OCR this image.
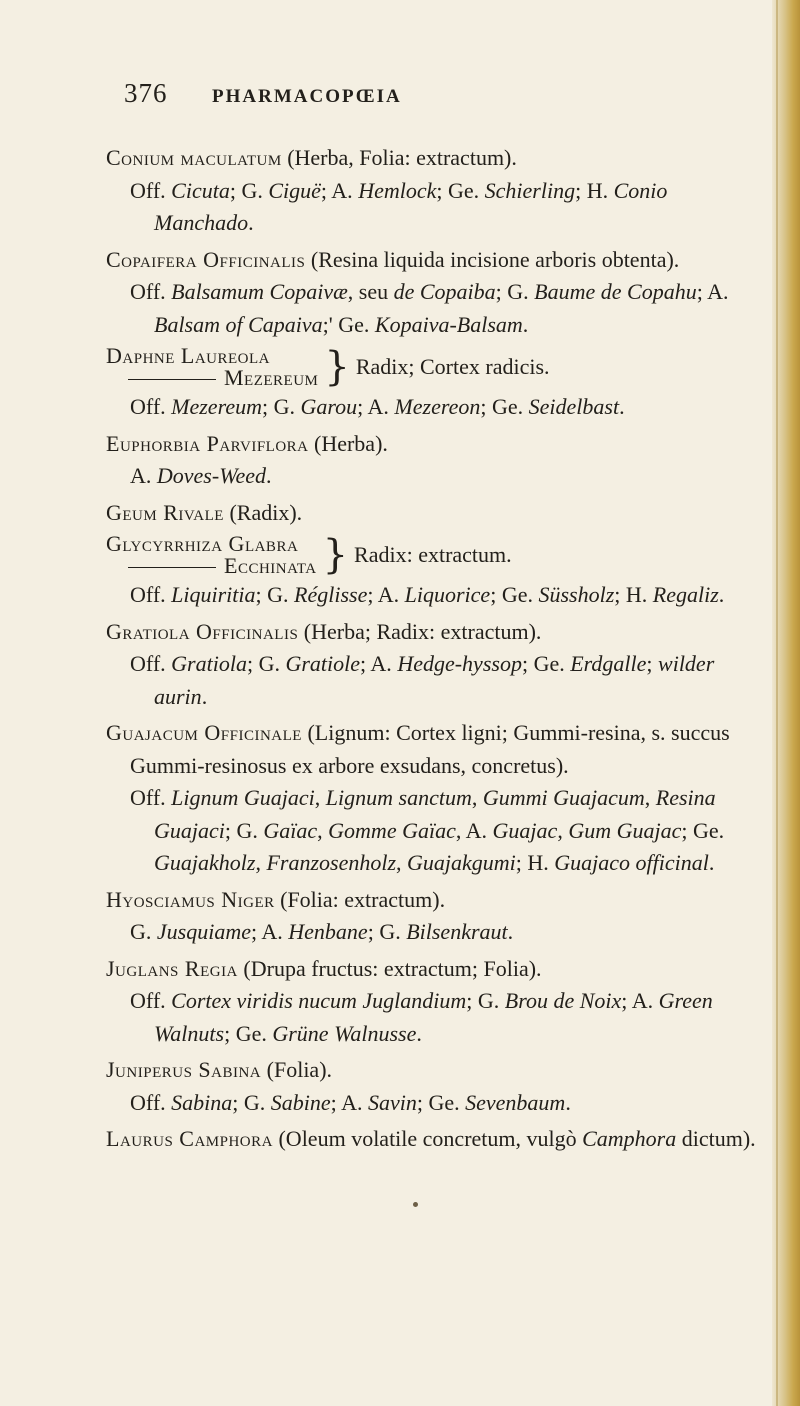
376 PHARMACOPŒIA

Conium maculatum (Herba, Folia: extractum).

Off. Cicuta; G. Ciguë; A. Hemlock; Ge. Schierling; H. Conio Manchado.

Copaifera Officinalis (Resina liquida incisione arboris obtenta).

Off. Balsamum Copaivæ, seu de Copaiba; G. Baume de Copahu; A. Balsam of Capaiva;' Ge. Kopaiva-Balsam.

Daphne Laureola
Mezereum } Radix; Cortex radicis.

Off. Mezereum; G. Garou; A. Mezereon; Ge. Seidelbast.

Euphorbia Parviflora (Herba).

A. Doves-Weed.

Geum Rivale (Radix).

Glycyrrhiza Glabra
Ecchinata } Radix: extractum.

Off. Liquiritia; G. Réglisse; A. Liquorice; Ge. Süssholz; H. Regaliz.

Gratiola Officinalis (Herba; Radix: extractum).

Off. Gratiola; G. Gratiole; A. Hedge-hyssop; Ge. Erdgalle; wilder aurin.

Guajacum Officinale (Lignum: Cortex ligni; Gummi-resina, s. succus Gummi-resinosus ex arbore exsudans, concretus).

Off. Lignum Guajaci, Lignum sanctum, Gummi Guajacum, Resina Guajaci; G. Gaïac, Gomme Gaïac, A. Guajac, Gum Guajac; Ge. Guajakholz, Franzosenholz, Guajakgumi; H. Guajaco officinal.

Hyosciamus Niger (Folia: extractum).

G. Jusquiame; A. Henbane; G. Bilsenkraut.

Juglans Regia (Drupa fructus: extractum; Folia).

Off. Cortex viridis nucum Juglandium; G. Brou de Noix; A. Green Walnuts; Ge. Grüne Walnusse.

Juniperus Sabina (Folia).

Off. Sabina; G. Sabine; A. Savin; Ge. Sevenbaum.

Laurus Camphora (Oleum volatile concretum, vulgò Camphora dictum).
